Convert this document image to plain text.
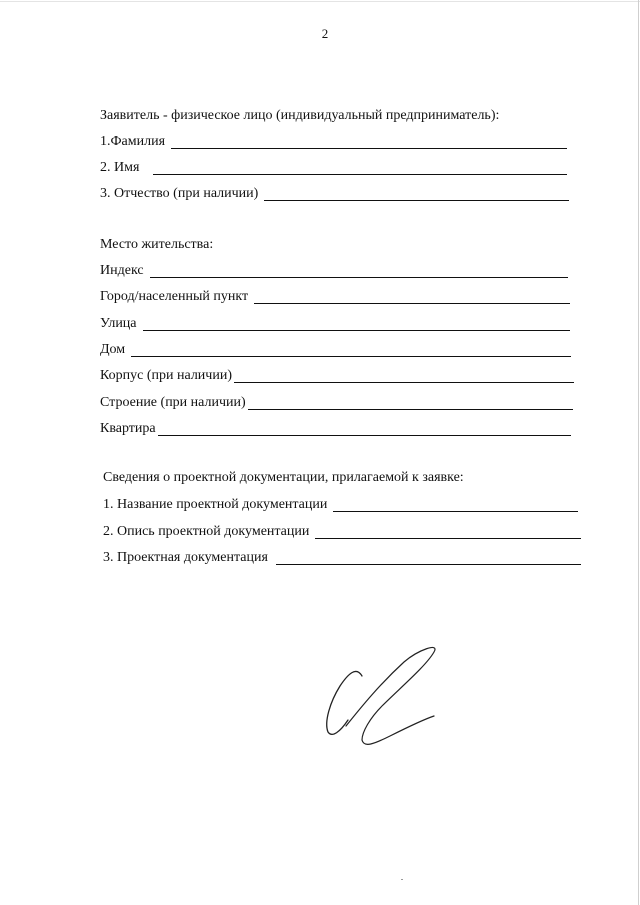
2
Заявитель - физическое лицо (индивидуальный предприниматель):
1.Фамилия
2. Имя
3. Отчество (при наличии)
Место жительства:
Индекс
Город/населенный пункт
Улица
Дом
Корпус (при наличии)
Строение (при наличии)
Квартира
Сведения о проектной документации, прилагаемой к заявке:
1. Название проектной документации
2. Опись проектной документации
3. Проектная документация
